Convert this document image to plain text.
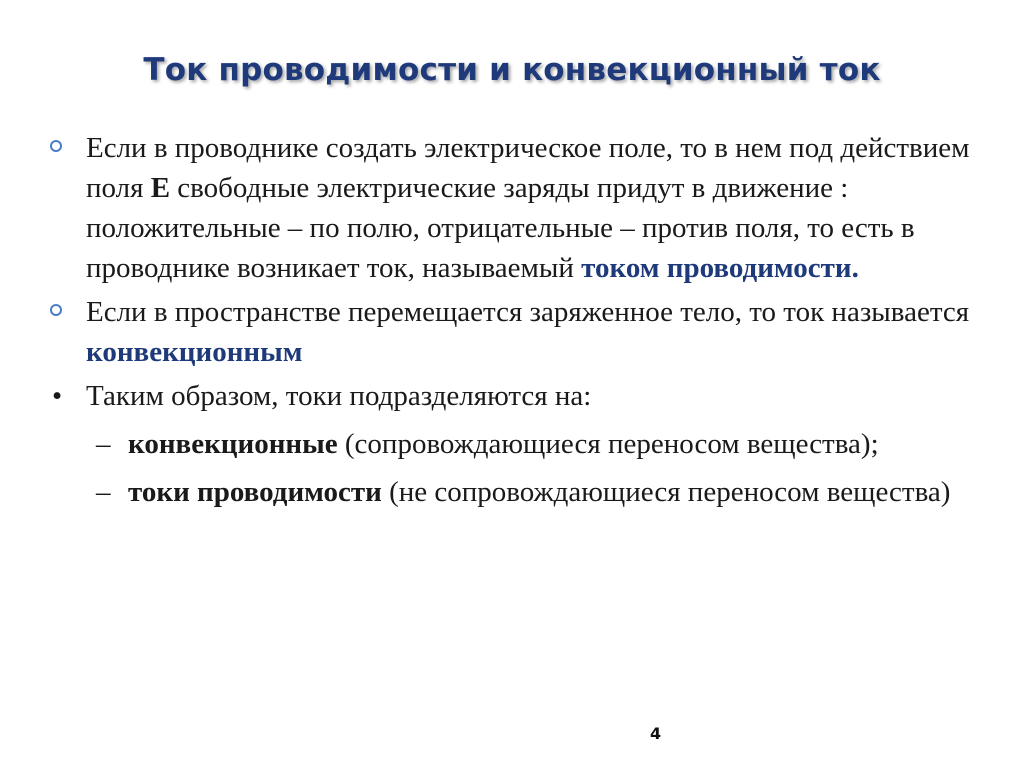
Ток проводимости и конвекционный ток

Если в проводнике создать электрическое поле, то в нем под действием поля E свободные электрические заряды придут в движение : положительные – по полю, отрицательные – против поля, то есть в проводнике возникает ток, называемый током проводимости.

Если в пространстве перемещается заряженное тело, то ток называется конвекционным

• Таким образом, токи подразделяются на:
– конвекционные (сопровождающиеся переносом вещества);
– токи проводимости (не сопровождающиеся переносом вещества)
4
